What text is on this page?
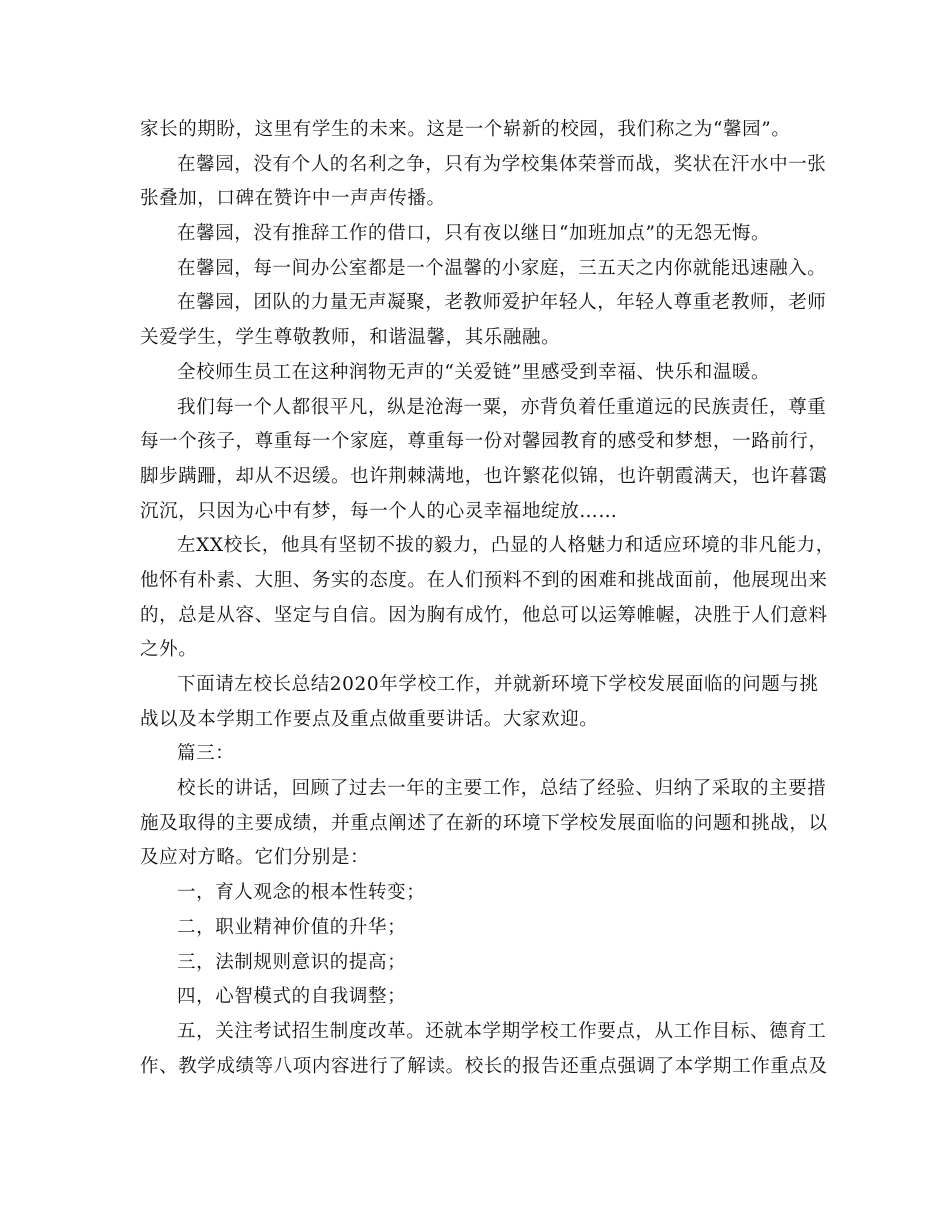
家长的期盼，这里有学生的未来。这是一个崭新的校园，我们称之为“馨园”。
在馨园，没有个人的名利之争，只有为学校集体荣誉而战，奖状在汗水中一张
张叠加，口碑在赞许中一声声传播。
在馨园，没有推辞工作的借口，只有夜以继日“加班加点”的无怨无悔。
在馨园，每一间办公室都是一个温馨的小家庭，三五天之内你就能迅速融入。
在馨园，团队的力量无声凝聚，老教师爱护年轻人，年轻人尊重老教师，老师
关爱学生，学生尊敬教师，和谐温馨，其乐融融。
全校师生员工在这种润物无声的“关爱链”里感受到幸福、快乐和温暖。
我们每一个人都很平凡，纵是沧海一粟，亦背负着任重道远的民族责任，尊重
每一个孩子，尊重每一个家庭，尊重每一份对馨园教育的感受和梦想，一路前行，
脚步蹒跚，却从不迟缓。也许荆棘满地，也许繁花似锦，也许朝霞满天，也许暮霭
沉沉，只因为心中有梦，每一个人的心灵幸福地绽放……
左XX校长，他具有坚韧不拔的毅力，凸显的人格魅力和适应环境的非凡能力，
他怀有朴素、大胆、务实的态度。在人们预料不到的困难和挑战面前，他展现出来
的，总是从容、坚定与自信。因为胸有成竹，他总可以运筹帷幄，决胜于人们意料
之外。
下面请左校长总结2020年学校工作，并就新环境下学校发展面临的问题与挑
战以及本学期工作要点及重点做重要讲话。大家欢迎。
篇三：
校长的讲话，回顾了过去一年的主要工作，总结了经验、归纳了采取的主要措
施及取得的主要成绩，并重点阐述了在新的环境下学校发展面临的问题和挑战，以
及应对方略。它们分别是：
一，育人观念的根本性转变；
二，职业精神价值的升华；
三，法制规则意识的提高；
四，心智模式的自我调整；
五，关注考试招生制度改革。还就本学期学校工作要点，从工作目标、德育工
作、教学成绩等八项内容进行了解读。校长的报告还重点强调了本学期工作重点及
